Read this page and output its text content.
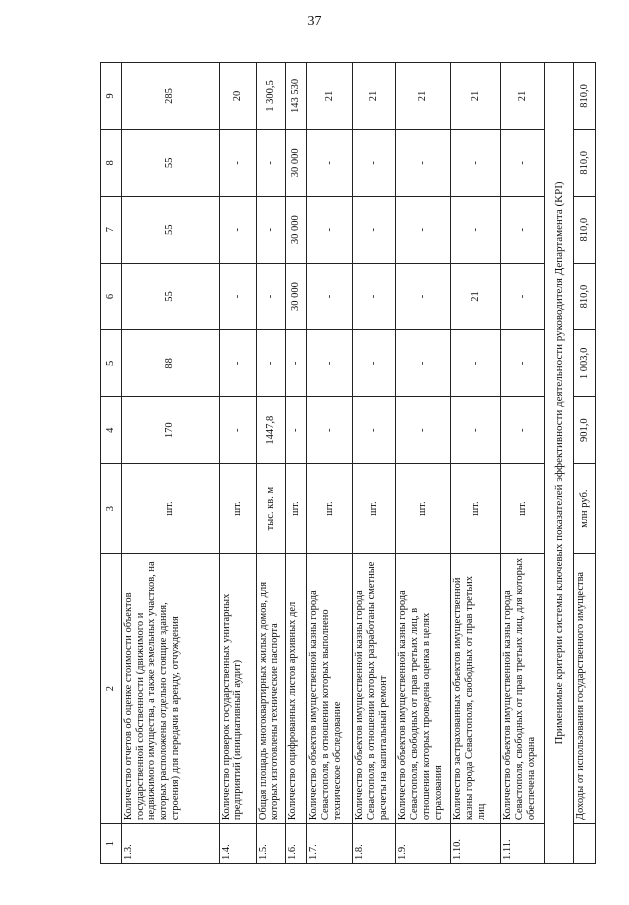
37
1	2	3	4	5	6	7	8	9
1.3.	Количество отчетов об оценке стоимости объектов государственной собственности (движимого и недвижимого имущества, а также земельных участков, на которых расположены отдельно стоящие здания, строения) для передачи в аренду, отчуждения	шт.	170	88	55	55	55	285
1.4.	Количество проверок государственных унитарных предприятий (инициативный аудит)	шт.	-	-	-	-	-	20
1.5.	Общая площадь многоквартирных жилых домов, для которых изготовлены технические паспорта	тыс. кв. м	1447,8	-	-	-	-	1 300,5
1.6.	Количество оцифрованных листов архивных дел	шт.	-	-	30 000	30 000	30 000	143 530
1.7.	Количество объектов имущественной казны города Севастополя, в отношении которых выполнено техническое обследование	шт.	-	-	-	-	-	21
1.8.	Количество объектов имущественной казны города Севастополя, в отношении которых разработаны сметные расчеты на капитальный ремонт	шт.	-	-	-	-	-	21
1.9.	Количество объектов имущественной казны города Севастополя, свободных от прав третьих лиц, в отношении которых проведена оценка в целях страхования	шт.	-	-	-	-	-	21
1.10.	Количество застрахованных объектов имущественной казны города Севастополя, свободных от прав третьих лиц	шт.	-	-	21	-	-	21
1.11.	Количество объектов имущественной казны города Севастополя, свободных от прав третьих лиц, для которых обеспечена охрана	шт.	-	-	-	-	-	21
Применимые критерии системы ключевых показателей эффективности деятельности руководителя Департамента (KPI)								
	Доходы от использования государственного имущества	млн руб.	901,0	1 003,0	810,0	810,0	810,0	810,0
